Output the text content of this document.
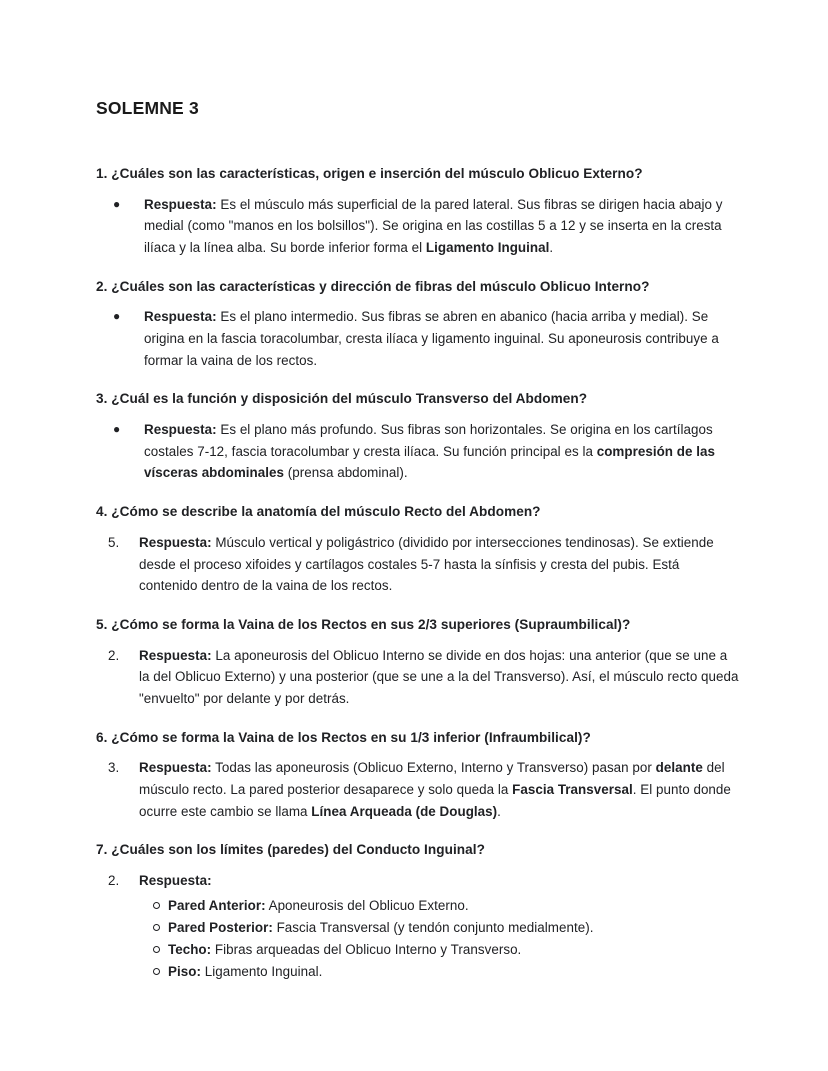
SOLEMNE 3

1. ¿Cuáles son las características, origen e inserción del músculo Oblicuo Externo?

●	Respuesta: Es el músculo más superficial de la pared lateral. Sus fibras se dirigen hacia abajo y medial (como "manos en los bolsillos"). Se origina en las costillas 5 a 12 y se inserta en la cresta ilíaca y la línea alba. Su borde inferior forma el Ligamento Inguinal.

2. ¿Cuáles son las características y dirección de fibras del músculo Oblicuo Interno?

●	Respuesta: Es el plano intermedio. Sus fibras se abren en abanico (hacia arriba y medial). Se origina en la fascia toracolumbar, cresta ilíaca y ligamento inguinal. Su aponeurosis contribuye a formar la vaina de los rectos.

3. ¿Cuál es la función y disposición del músculo Transverso del Abdomen?

●	Respuesta: Es el plano más profundo. Sus fibras son horizontales. Se origina en los cartílagos costales 7-12, fascia toracolumbar y cresta ilíaca. Su función principal es la compresión de las vísceras abdominales (prensa abdominal).

4. ¿Cómo se describe la anatomía del músculo Recto del Abdomen?

5.	Respuesta: Músculo vertical y poligástrico (dividido por intersecciones tendinosas). Se extiende desde el proceso xifoides y cartílagos costales 5-7 hasta la sínfisis y cresta del pubis. Está contenido dentro de la vaina de los rectos.

5. ¿Cómo se forma la Vaina de los Rectos en sus 2/3 superiores (Supraumbilical)?

2.	Respuesta: La aponeurosis del Oblicuo Interno se divide en dos hojas: una anterior (que se une a la del Oblicuo Externo) y una posterior (que se une a la del Transverso). Así, el músculo recto queda "envuelto" por delante y por detrás.

6. ¿Cómo se forma la Vaina de los Rectos en su 1/3 inferior (Infraumbilical)?

3.	Respuesta: Todas las aponeurosis (Oblicuo Externo, Interno y Transverso) pasan por delante del músculo recto. La pared posterior desaparece y solo queda la Fascia Transversal. El punto donde ocurre este cambio se llama Línea Arqueada (de Douglas).

7. ¿Cuáles son los límites (paredes) del Conducto Inguinal?

2.	Respuesta:
Pared Anterior: Aponeurosis del Oblicuo Externo.
Pared Posterior: Fascia Transversal (y tendón conjunto medialmente).
Techo: Fibras arqueadas del Oblicuo Interno y Transverso.
Piso: Ligamento Inguinal.
